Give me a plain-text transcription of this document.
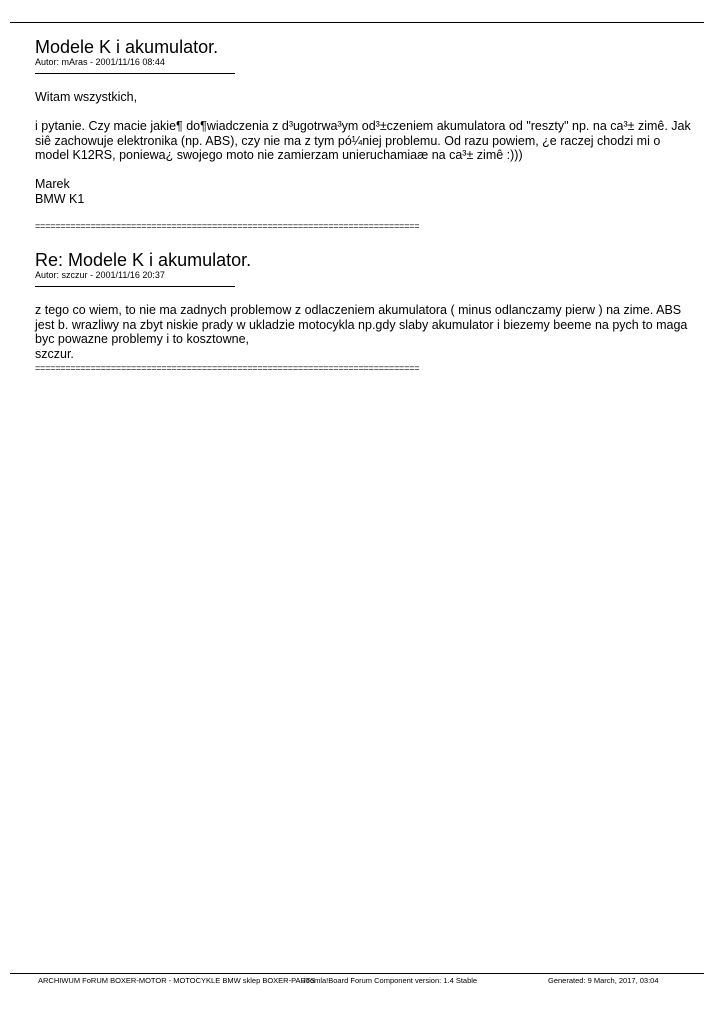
Modele K i akumulator.
Autor: mAras - 2001/11/16 08:44

Witam wszystkich,

i pytanie. Czy macie jakie¶ do¶wiadczenia z d³ugotrwa³ym od³±czeniem akumulatora od "reszty" np. na ca³± zimê. Jak siê zachowuje elektronika (np. ABS), czy nie ma z tym pó¼niej problemu. Od razu powiem, ¿e raczej chodzi mi o model K12RS, poniewa¿ swojego moto nie zamierzam unieruchamiaæ na ca³± zimê :)))

Marek

BMW K1

============================================================================
Re: Modele K i akumulator.
Autor: szczur - 2001/11/16 20:37

z tego co wiem, to nie ma zadnych problemow z odlaczeniem akumulatora ( minus odlanczamy pierw ) na zime. ABS jest b. wrazliwy na zbyt niskie prady w ukladzie motocykla np.gdy slaby akumulator i biezemy beeme na pych to maga byc powazne problemy i to kosztowne,

szczur.

============================================================================
ARCHIWUM FoRUM BOXER-MOTOR - MOTOCYKLE BMW sklep BOXER-PARTS
Joomla!Board Forum Component version: 1.4 Stable	Generated: 9 March, 2017, 03:04
